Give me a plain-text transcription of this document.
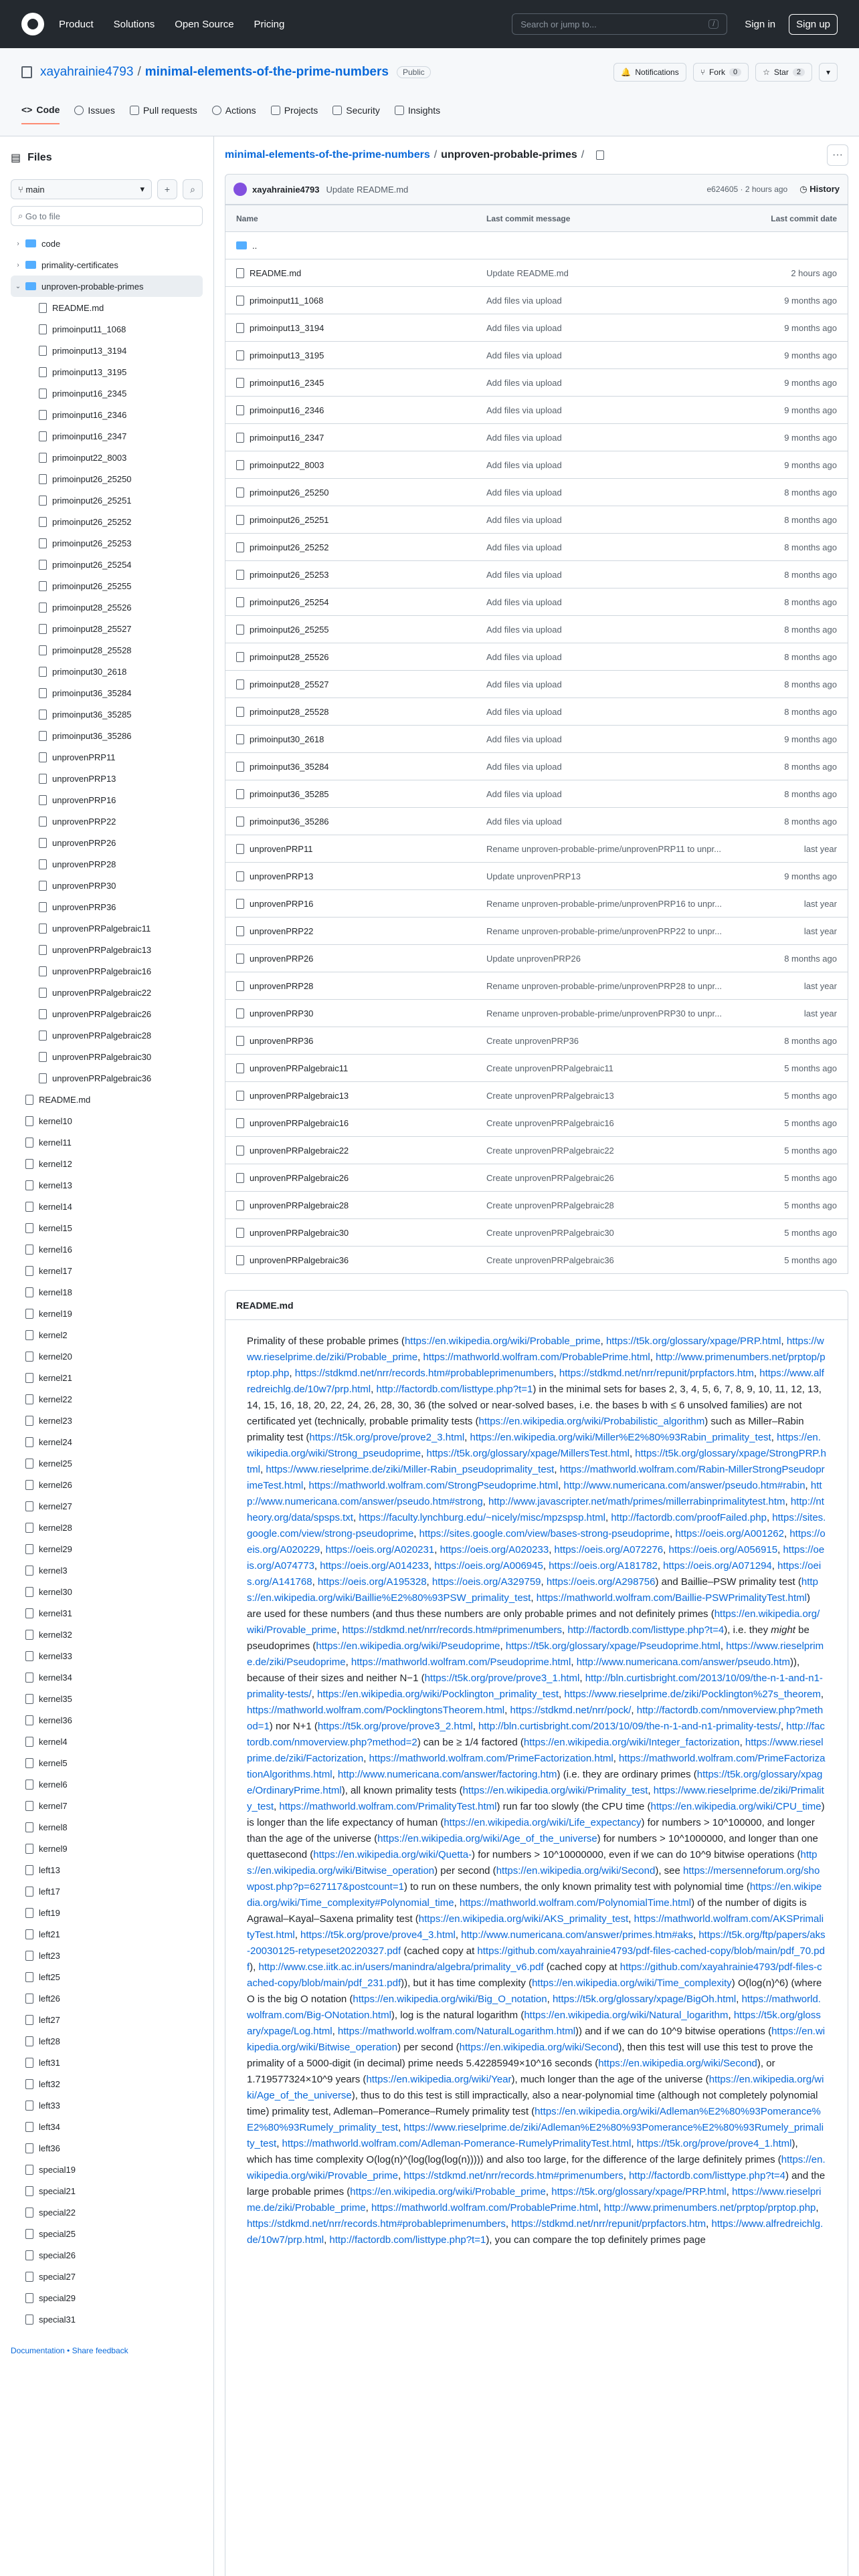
Product Solutions Open Source Pricing	Search or jump to...	/	Sign in	Sign up
xayahrainie4793 / minimal-elements-of-the-prime-numbers	Public	🔔 Notifications	⑂ Fork	0	☆ Star	2	▾
<> Code	Issues	Pull requests	Actions	Projects	Security	Insights
▤ Files
⑂ main	▾	+	⌕
⌕ Go to file
›	code
›	primality-certificates
⌄ unproven-probable-primes
README.md
primoinput11_1068
primoinput13_3194
primoinput13_3195
primoinput16_2345
primoinput16_2346
primoinput16_2347
primoinput22_8003
primoinput26_25250
primoinput26_25251
primoinput26_25252
primoinput26_25253
primoinput26_25254
primoinput26_25255
primoinput28_25526
primoinput28_25527
primoinput28_25528
primoinput30_2618
primoinput36_35284
primoinput36_35285
primoinput36_35286
unprovenPRP11
unprovenPRP13
unprovenPRP16
unprovenPRP22
unprovenPRP26
unprovenPRP28
unprovenPRP30
unprovenPRP36
unprovenPRPalgebraic11
unprovenPRPalgebraic13
unprovenPRPalgebraic16
unprovenPRPalgebraic22
unprovenPRPalgebraic26
unprovenPRPalgebraic28
unprovenPRPalgebraic30
unprovenPRPalgebraic36
README.md
kernel10
kernel11
kernel12
kernel13
kernel14
kernel15
kernel16
kernel17
kernel18
kernel19
kernel2
kernel20
kernel21
kernel22
kernel23
kernel24
kernel25
kernel26
kernel27
kernel28
kernel29
kernel3
kernel30
kernel31
kernel32
kernel33
kernel34
kernel35
kernel36
kernel4
kernel5
kernel6
kernel7
kernel8
kernel9
left13
left17
left19
left21
left23
left25
left26
left27
left28
left31
left32
left33
left34
left36
special19
special21
special22
special25
special26
special27
special29
special31
Documentation • Share feedback
minimal-elements-of-the-prime-numbers / unproven-probable-primes /	···
xayahrainie4793 Update README.md	e624605 · 2 hours ago ◷ History
Name	Last commit message	Last commit date
..
README.md	Update README.md	2 hours ago
primoinput11_1068	Add files via upload	9 months ago
primoinput13_3194	Add files via upload	9 months ago
primoinput13_3195	Add files via upload	9 months ago
primoinput16_2345	Add files via upload	9 months ago
primoinput16_2346	Add files via upload	9 months ago
primoinput16_2347	Add files via upload	9 months ago
primoinput22_8003	Add files via upload	9 months ago
primoinput26_25250	Add files via upload	8 months ago
primoinput26_25251	Add files via upload	8 months ago
primoinput26_25252	Add files via upload	8 months ago
primoinput26_25253	Add files via upload	8 months ago
primoinput26_25254	Add files via upload	8 months ago
primoinput26_25255	Add files via upload	8 months ago
primoinput28_25526	Add files via upload	8 months ago
primoinput28_25527	Add files via upload	8 months ago
primoinput28_25528	Add files via upload	8 months ago
primoinput30_2618	Add files via upload	9 months ago
primoinput36_35284	Add files via upload	8 months ago
primoinput36_35285	Add files via upload	8 months ago
primoinput36_35286	Add files via upload	8 months ago
unprovenPRP11	Rename unproven-probable-prime/unprovenPRP11 to unpr...	last year
unprovenPRP13	Update unprovenPRP13	9 months ago
unprovenPRP16	Rename unproven-probable-prime/unprovenPRP16 to unpr...	last year
unprovenPRP22	Rename unproven-probable-prime/unprovenPRP22 to unpr...	last year
unprovenPRP26	Update unprovenPRP26	8 months ago
unprovenPRP28	Rename unproven-probable-prime/unprovenPRP28 to unpr...	last year
unprovenPRP30	Rename unproven-probable-prime/unprovenPRP30 to unpr...	last year
unprovenPRP36	Create unprovenPRP36	8 months ago
unprovenPRPalgebraic11	Create unprovenPRPalgebraic11	5 months ago
unprovenPRPalgebraic13	Create unprovenPRPalgebraic13	5 months ago
unprovenPRPalgebraic16	Create unprovenPRPalgebraic16	5 months ago
unprovenPRPalgebraic22	Create unprovenPRPalgebraic22	5 months ago
unprovenPRPalgebraic26	Create unprovenPRPalgebraic26	5 months ago
unprovenPRPalgebraic28	Create unprovenPRPalgebraic28	5 months ago
unprovenPRPalgebraic30	Create unprovenPRPalgebraic30	5 months ago
unprovenPRPalgebraic36	Create unprovenPRPalgebraic36	5 months ago
README.md
Primality of these probable primes (https://en.wikipedia.org/wiki/Probable_prime, https://t5k.org/glossary/xpage/PRP.html, https://www.rieselprime.de/ziki/Probable_prime, https://mathworld.wolfram.com/ProbablePrime.html, http://www.primenumbers.net/prptop/prptop.php, https://stdkmd.net/nrr/records.htm#probableprimenumbers, https://stdkmd.net/nrr/repunit/prpfactors.htm, https://www.alfredreichlg.de/10w7/prp.html, http://factordb.com/listtype.php?t=1) in the minimal sets for bases 2, 3, 4, 5, 6, 7, 8, 9, 10, 11, 12, 13, 14, 15, 16, 18, 20, 22, 24, 26, 28, 30, 36 (the solved or near-solved bases, i.e. the bases b with ≤ 6 unsolved families) are not certificated yet (technically, probable primality tests (https://en.wikipedia.org/wiki/Probabilistic_algorithm) such as Miller–Rabin primality test (https://t5k.org/prove/prove2_3.html, https://en.wikipedia.org/wiki/Miller%E2%80%93Rabin_primality_test, https://en.wikipedia.org/wiki/Strong_pseudoprime, https://t5k.org/glossary/xpage/MillersTest.html, https://t5k.org/glossary/xpage/StrongPRP.html, https://www.rieselprime.de/ziki/Miller-Rabin_pseudoprimality_test, https://mathworld.wolfram.com/Rabin-MillerStrongPseudoprimeTest.html, https://mathworld.wolfram.com/StrongPseudoprime.html, http://www.numericana.com/answer/pseudo.htm#rabin, http://www.numericana.com/answer/pseudo.htm#strong, http://www.javascripter.net/math/primes/millerrabinprimalitytest.htm, http://ntheory.org/data/spsps.txt, https://faculty.lynchburg.edu/~nicely/misc/mpzspsp.html, http://factordb.com/proofFailed.php, https://sites.google.com/view/strong-pseudoprime, https://sites.google.com/view/bases-strong-pseudoprime, https://oeis.org/A001262, https://oeis.org/A020229, https://oeis.org/A020231, https://oeis.org/A020233, https://oeis.org/A072276, https://oeis.org/A056915, https://oeis.org/A074773, https://oeis.org/A014233, https://oeis.org/A006945, https://oeis.org/A181782, https://oeis.org/A071294, https://oeis.org/A141768, https://oeis.org/A195328, https://oeis.org/A329759, https://oeis.org/A298756) and Baillie–PSW primality test (https://en.wikipedia.org/wiki/Baillie%E2%80%93PSW_primality_test, https://mathworld.wolfram.com/Baillie-PSWPrimalityTest.html) are used for these numbers (and thus these numbers are only probable primes and not definitely primes (https://en.wikipedia.org/wiki/Provable_prime, https://stdkmd.net/nrr/records.htm#primenumbers, http://factordb.com/listtype.php?t=4), i.e. they might be pseudoprimes (https://en.wikipedia.org/wiki/Pseudoprime, https://t5k.org/glossary/xpage/Pseudoprime.html, https://www.rieselprime.de/ziki/Pseudoprime, https://mathworld.wolfram.com/Pseudoprime.html, http://www.numericana.com/answer/pseudo.htm)), because of their sizes and neither N−1 (https://t5k.org/prove/prove3_1.html, http://bln.curtisbright.com/2013/10/09/the-n-1-and-n1-primality-tests/, https://en.wikipedia.org/wiki/Pocklington_primality_test, https://www.rieselprime.de/ziki/Pocklington%27s_theorem, https://mathworld.wolfram.com/PocklingtonsTheorem.html, https://stdkmd.net/nrr/pock/, http://factordb.com/nmoverview.php?method=1) nor N+1 (https://t5k.org/prove/prove3_2.html, http://bln.curtisbright.com/2013/10/09/the-n-1-and-n1-primality-tests/, http://factordb.com/nmoverview.php?method=2) can be ≥ 1/4 factored (https://en.wikipedia.org/wiki/Integer_factorization, https://www.rieselprime.de/ziki/Factorization, https://mathworld.wolfram.com/PrimeFactorization.html, https://mathworld.wolfram.com/PrimeFactorizationAlgorithms.html, http://www.numericana.com/answer/factoring.htm) (i.e. they are ordinary primes (https://t5k.org/glossary/xpage/OrdinaryPrime.html), all known primality tests (https://en.wikipedia.org/wiki/Primality_test, https://www.rieselprime.de/ziki/Primality_test, https://mathworld.wolfram.com/PrimalityTest.html) run far too slowly (the CPU time (https://en.wikipedia.org/wiki/CPU_time) is longer than the life expectancy of human (https://en.wikipedia.org/wiki/Life_expectancy) for numbers > 10^100000, and longer than the age of the universe (https://en.wikipedia.org/wiki/Age_of_the_universe) for numbers > 10^1000000, and longer than one quettasecond (https://en.wikipedia.org/wiki/Quetta-) for numbers > 10^10000000, even if we can do 10^9 bitwise operations (https://en.wikipedia.org/wiki/Bitwise_operation) per second (https://en.wikipedia.org/wiki/Second), see https://mersenneforum.org/showpost.php?p=627117&postcount=1) to run on these numbers, the only known primality test with polynomial time (https://en.wikipedia.org/wiki/Time_complexity#Polynomial_time, https://mathworld.wolfram.com/PolynomialTime.html) of the number of digits is Agrawal–Kayal–Saxena primality test (https://en.wikipedia.org/wiki/AKS_primality_test, https://mathworld.wolfram.com/AKSPrimalityTest.html, https://t5k.org/prove/prove4_3.html, http://www.numericana.com/answer/primes.htm#aks, https://t5k.org/ftp/papers/aks-20030125-retypeset20220327.pdf (cached copy at https://github.com/xayahrainie4793/pdf-files-cached-copy/blob/main/pdf_70.pdf), http://www.cse.iitk.ac.in/users/manindra/algebra/primality_v6.pdf (cached copy at https://github.com/xayahrainie4793/pdf-files-cached-copy/blob/main/pdf_231.pdf)), but it has time complexity (https://en.wikipedia.org/wiki/Time_complexity) O(log(n)^6) (where O is the big O notation (https://en.wikipedia.org/wiki/Big_O_notation, https://t5k.org/glossary/xpage/BigOh.html, https://mathworld.wolfram.com/Big-ONotation.html), log is the natural logarithm (https://en.wikipedia.org/wiki/Natural_logarithm, https://t5k.org/glossary/xpage/Log.html, https://mathworld.wolfram.com/NaturalLogarithm.html)) and if we can do 10^9 bitwise operations (https://en.wikipedia.org/wiki/Bitwise_operation) per second (https://en.wikipedia.org/wiki/Second), then this test will use this test to prove the primality of a 5000-digit (in decimal) prime needs 5.42285949×10^16 seconds (https://en.wikipedia.org/wiki/Second), or 1.719577324×10^9 years (https://en.wikipedia.org/wiki/Year), much longer than the age of the universe (https://en.wikipedia.org/wiki/Age_of_the_universe), thus to do this test is still impractically, also a near-polynomial time (although not completely polynomial time) primality test, Adleman–Pomerance–Rumely primality test (https://en.wikipedia.org/wiki/Adleman%E2%80%93Pomerance%E2%80%93Rumely_primality_test, https://www.rieselprime.de/ziki/Adleman%E2%80%93Pomerance%E2%80%93Rumely_primality_test, https://mathworld.wolfram.com/Adleman-Pomerance-RumelyPrimalityTest.html, https://t5k.org/prove/prove4_1.html), which has time complexity O(log(n)^(log(log(log(n))))) and also too large, for the difference of the large definitely primes (https://en.wikipedia.org/wiki/Provable_prime, https://stdkmd.net/nrr/records.htm#primenumbers, http://factordb.com/listtype.php?t=4) and the large probable primes (https://en.wikipedia.org/wiki/Probable_prime, https://t5k.org/glossary/xpage/PRP.html, https://www.rieselprime.de/ziki/Probable_prime, https://mathworld.wolfram.com/ProbablePrime.html, http://www.primenumbers.net/prptop/prptop.php, https://stdkmd.net/nrr/records.htm#probableprimenumbers, https://stdkmd.net/nrr/repunit/prpfactors.htm, https://www.alfredreichlg.de/10w7/prp.html, http://factordb.com/listtype.php?t=1), you can compare the top definitely primes page
